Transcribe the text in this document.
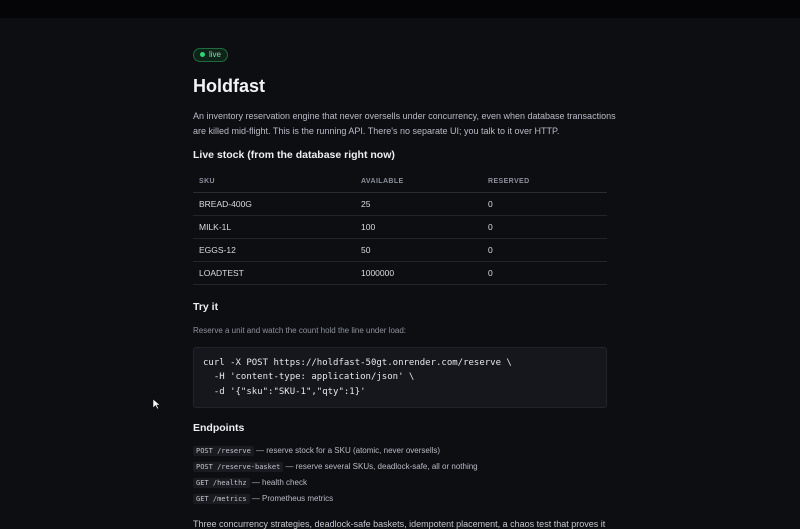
live
Holdfast

An inventory reservation engine that never oversells under concurrency, even when database transactions are killed mid-flight. This is the running API. There's no separate UI; you talk to it over HTTP.

Live stock (from the database right now)
SKU	AVAILABLE	RESERVED
BREAD-400G	25	0
MILK-1L	100	0
EGGS-12	50	0
LOADTEST	1000000	0
Try it

Reserve a unit and watch the count hold the line under load:

curl -X POST https://holdfast-50gt.onrender.com/reserve \
-H 'content-type: application/json' \
-d '{"sku":"SKU-1","qty":1}'
Endpoints
POST /reserve — reserve stock for a SKU (atomic, never oversells)
POST /reserve-basket — reserve several SKUs, deadlock-safe, all or nothing
GET /healthz — health check
GET /metrics — Prometheus metrics

Three concurrency strategies, deadlock-safe baskets, idempotent placement, a chaos test that proves it
